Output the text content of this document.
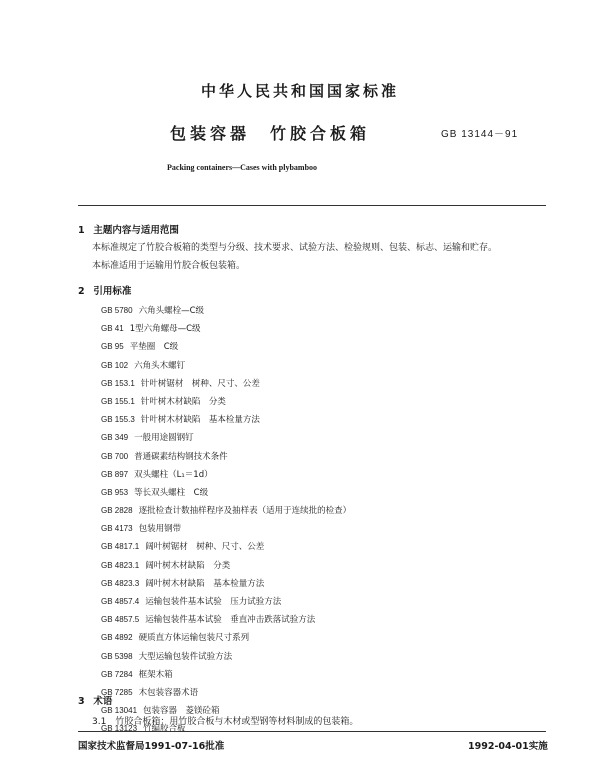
中华人民共和国国家标准
包装容器　竹胶合板箱	GB 13144－91
Packing containers—Cases with plybamboo
1 主题内容与适用范围
本标准规定了竹胶合板箱的类型与分级、技术要求、试验方法、检验规则、包装、标志、运输和贮存。
本标准适用于运输用竹胶合板包装箱。
2 引用标准
GB 5780 六角头螺栓—C级
GB 41 1型六角螺母—C级
GB 95 平垫圈　C级
GB 102 六角头木螺钉
GB 153.1 针叶树锯材　树种、尺寸、公差
GB 155.1 针叶树木材缺陷　分类
GB 155.3 针叶树木材缺陷　基本检量方法
GB 349 一般用途圆钢钉
GB 700 普通碳素结构钢技术条件
GB 897 双头螺柱（L₁＝1d）
GB 953 等长双头螺柱　C级
GB 2828 逐批检查计数抽样程序及抽样表（适用于连续批的检查）
GB 4173 包装用钢带
GB 4817.1 阔叶树锯材　树种、尺寸、公差
GB 4823.1 阔叶树木材缺陷　分类
GB 4823.3 阔叶树木材缺陷　基本检量方法
GB 4857.4 运输包装件基本试验　压力试验方法
GB 4857.5 运输包装件基本试验　垂直冲击跌落试验方法
GB 4892 硬质直方体运输包装尺寸系列
GB 5398 大型运输包装件试验方法
GB 7284 框架木箱
GB 7285 木包装容器术语
GB 13041 包装容器　菱镁砼箱
GB 13123 竹编胶合板
3 术语
3.1　竹胶合板箱：用竹胶合板与木材或型钢等材料制成的包装箱。
国家技术监督局1991-07-16批准	1992-04-01实施
